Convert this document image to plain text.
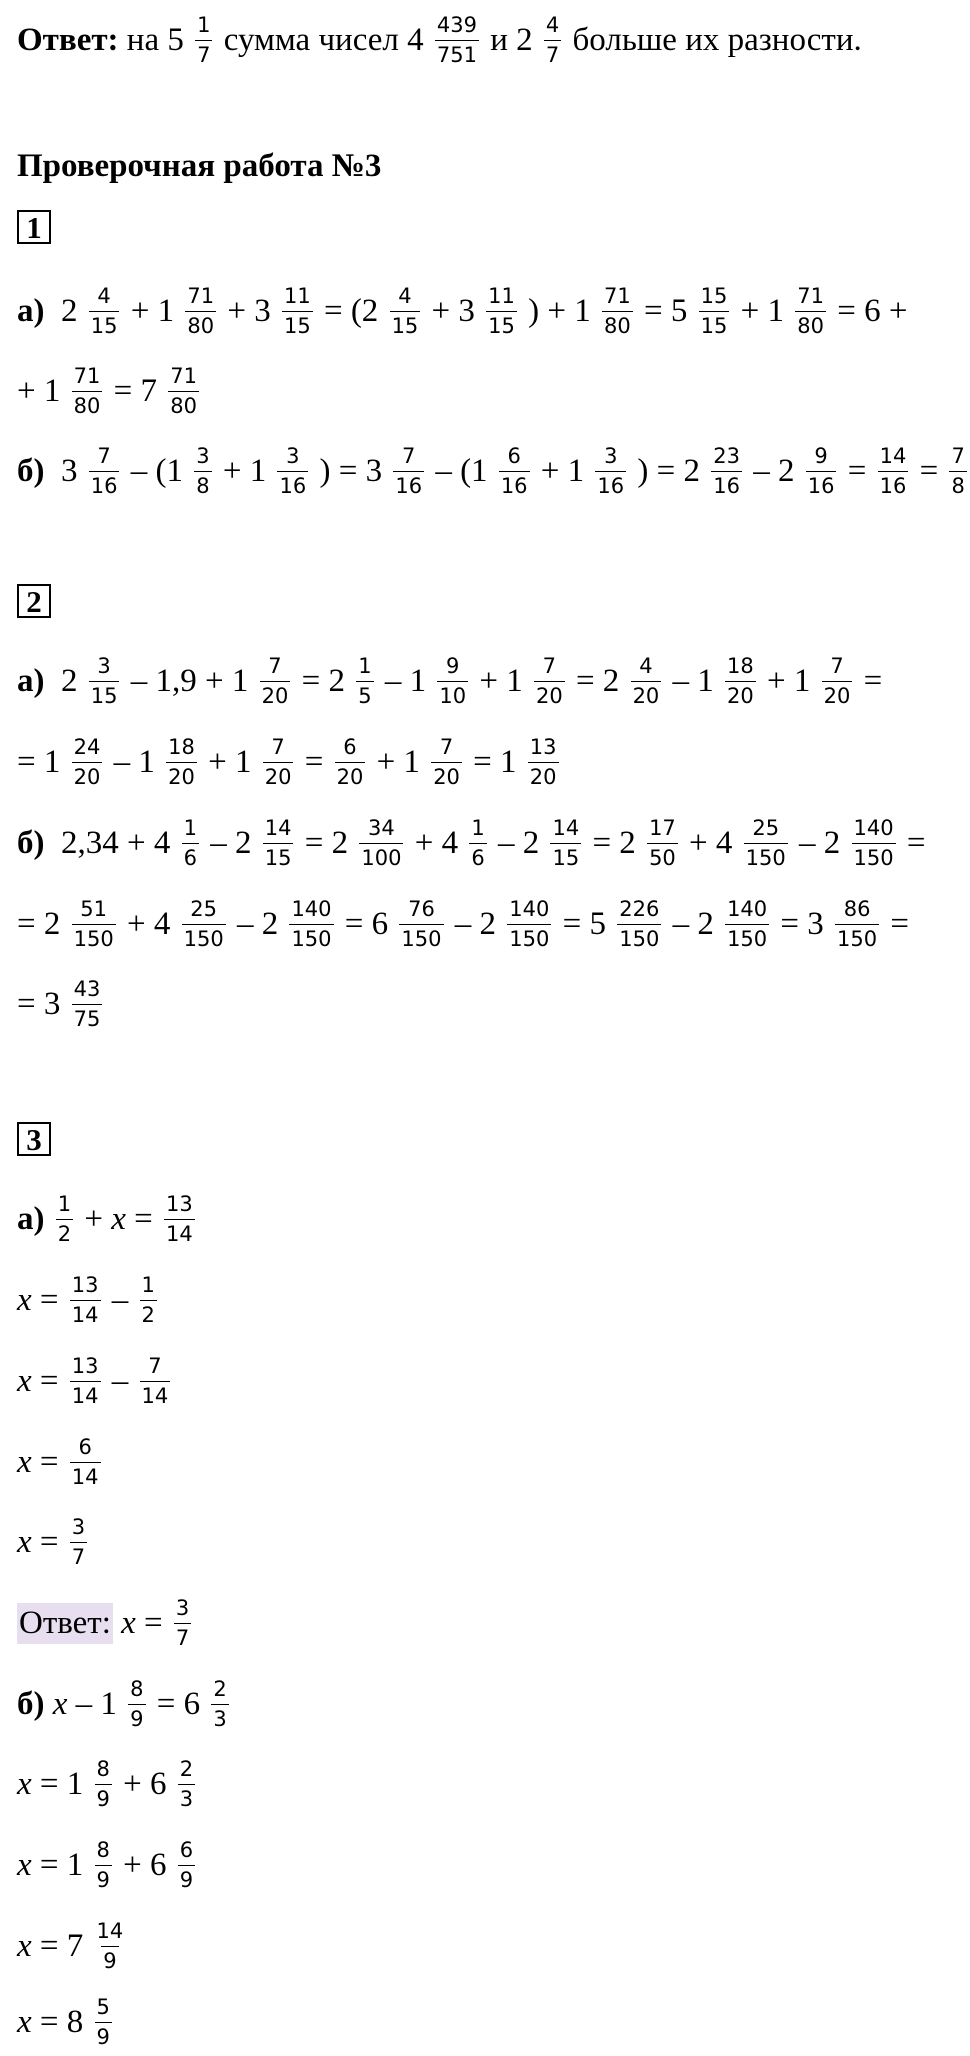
Ответ: на $5 \frac{1}{7}$ сумма чисел $4 \frac{439}{751}$ и $2 \frac{4}{7}$ больше их разности.
Проверочная работа №3
1
а)
$2 \frac{4}{15} + 1 \frac{71}{80} + 3 \frac{11}{15} = (2 \frac{4}{15} + 3 \frac{11}{15}$ ) + $1 \frac{71}{80} = 5 \frac{15}{15} + 1 \frac{71}{80} = 6$ +
+ $1 \frac{71}{80} = 7 \frac{71}{80}$
б)
$3 \frac{7}{16} - (1 \frac{3}{8} + 1 \frac{3}{16}$ ) = $3 \frac{7}{16} - (1 \frac{6}{16} + 1 \frac{3}{16}$ ) = $2 \frac{23}{16} - 2 \frac{9}{16} = \frac{14}{16} = \frac{7}{8}$
2
а)
$2 \frac{3}{15} - 1,9 + 1 \frac{7}{20} = 2 \frac{1}{5} - 1 \frac{9}{10} + 1 \frac{7}{20} = 2 \frac{4}{20} - 1 \frac{18}{20} + 1 \frac{7}{20}$ =
= $1 \frac{24}{20} - 1 \frac{18}{20} + 1 \frac{7}{20} = \frac{6}{20} + 1 \frac{7}{20} = 1 \frac{13}{20}$
б)
$2,34 + 4 \frac{1}{6} - 2 \frac{14}{15} = 2 \frac{34}{100} + 4 \frac{1}{6} - 2 \frac{14}{15} = 2 \frac{17}{50} + 4 \frac{25}{150} - 2 \frac{140}{150}$ =
= $2 \frac{51}{150} + 4 \frac{25}{150} - 2 \frac{140}{150} = 6 \frac{76}{150} - 2 \frac{140}{150} = 5 \frac{226}{150} - 2 \frac{140}{150} = 3 \frac{86}{150}$ =
= $3 \frac{43}{75}$
3
а)
$\frac{1}{2} + x = \frac{13}{14}$
$x = \frac{13}{14} - \frac{1}{2}$
$x = \frac{13}{14} - \frac{7}{14}$
$x = \frac{6}{14}$
$x = \frac{3}{7}$
Ответ:
$x = \frac{3}{7}$
б)
$x - 1 \frac{8}{9} = 6 \frac{2}{3}$
$x = 1 \frac{8}{9} + 6 \frac{2}{3}$
$x = 1 \frac{8}{9} + 6 \frac{6}{9}$
$x = 7 \frac{14}{9}$
$x = 8 \frac{5}{9}$
